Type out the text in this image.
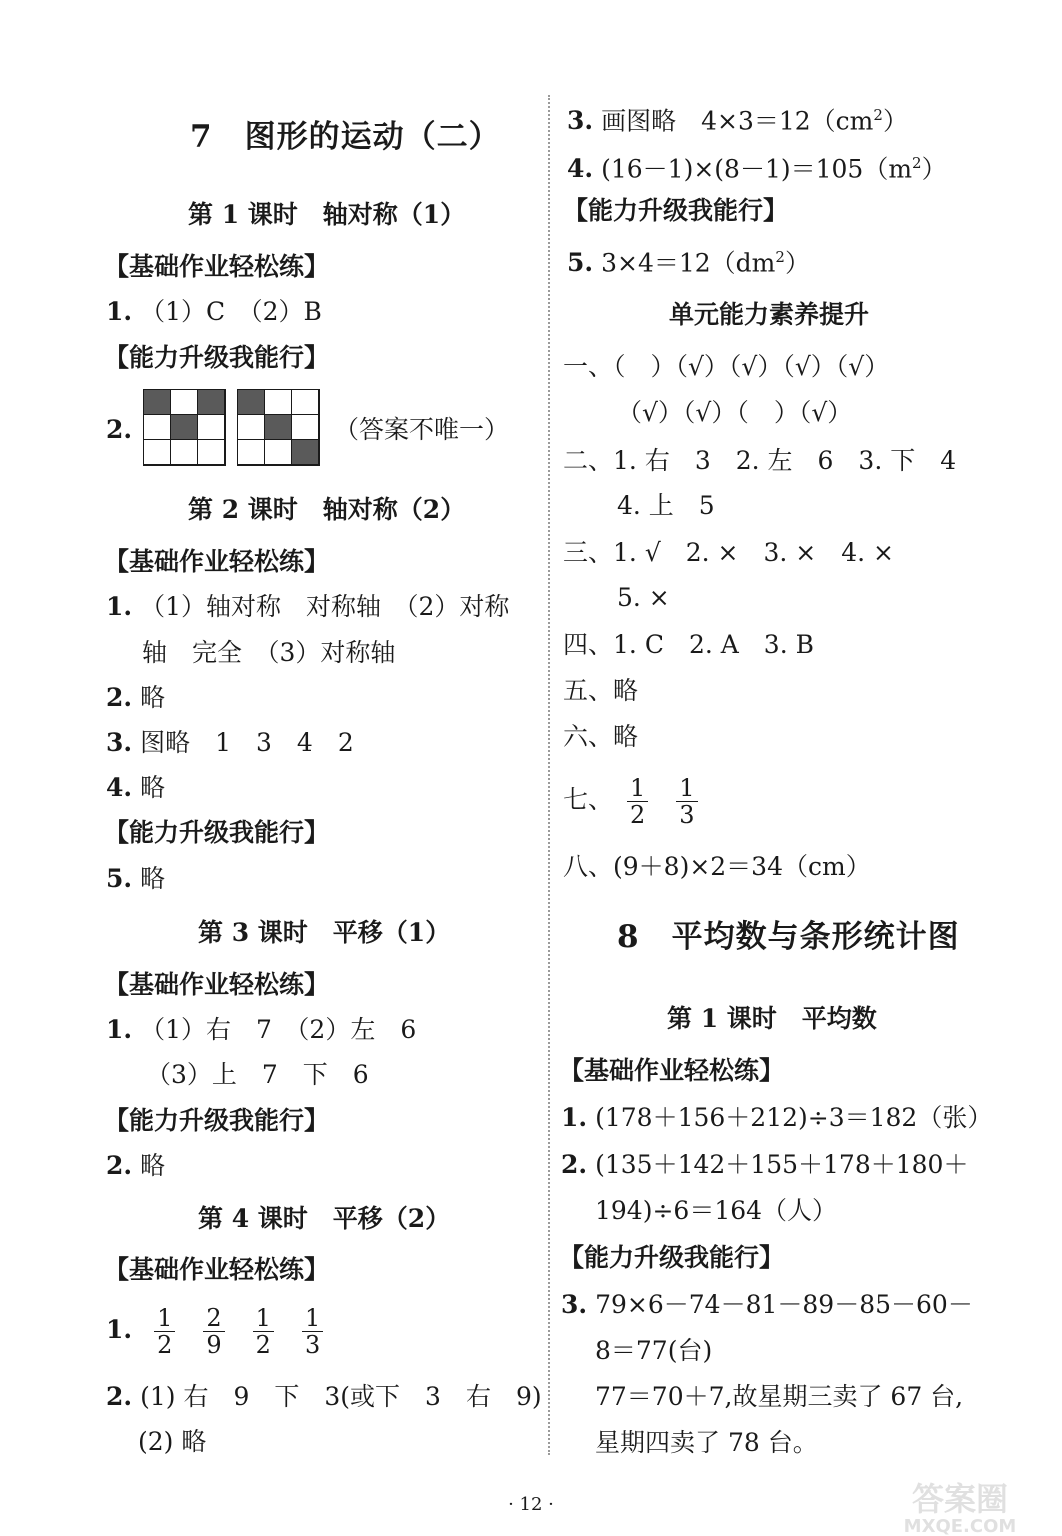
7　图形的运动（二）
第 1 课时　轴对称（1）
【基础作业轻松练】
1. （1）C　（2）B
【能力升级我能行】
2.	（答案不唯一）
第 2 课时　轴对称（2）
【基础作业轻松练】
1. （1）轴对称　对称轴　（2）对称
轴　完全　（3）对称轴
2. 略
3. 图略　1　3　4　2
4. 略
【能力升级我能行】
5. 略
第 3 课时　平移（1）
【基础作业轻松练】
1. （1）右　7　（2）左　6
（3）上　7　下　6
【能力升级我能行】
2. 略
第 4 课时　平移（2）
【基础作业轻松练】
1. $\frac{1}{2} \frac{2}{9} \frac{1}{2} \frac{1}{3}$
2. (1) 右　9　下　3(或下　3　右　9)
(2) 略
3. 画图略　$4\times 3=12(cm^2)$
4. $(16-1)\times(8-1)=105(m^2)$
【能力升级我能行】
5. $3\times 4=12(dm^2)$
单元能力素养提升
一、（　）（√）（√）（√）（√）
（√）（√）（　）（√）
二、1. 右　3　2. 左　6　3. 下　4
4. 上　5
三、1. √　2. ×　3. ×　4. ×
5. ×
四、1. C　2. A　3. B
五、略
六、略
七、 $\frac{1}{2} \frac{1}{3}$
八、(9＋8)×2＝34（cm）
8　平均数与条形统计图
第 1 课时　平均数
【基础作业轻松练】
1. (178＋156＋212)÷3＝182（张）
2. (135＋142＋155＋178＋180＋
194)÷6＝164（人）
【能力升级我能行】
3. 79×6－74－81－89－85－60－
8＝77(台)
77＝70＋7,故星期三卖了 67 台,
星期四卖了 78 台。
· 12 ·	答案圈
MXQE.COM
